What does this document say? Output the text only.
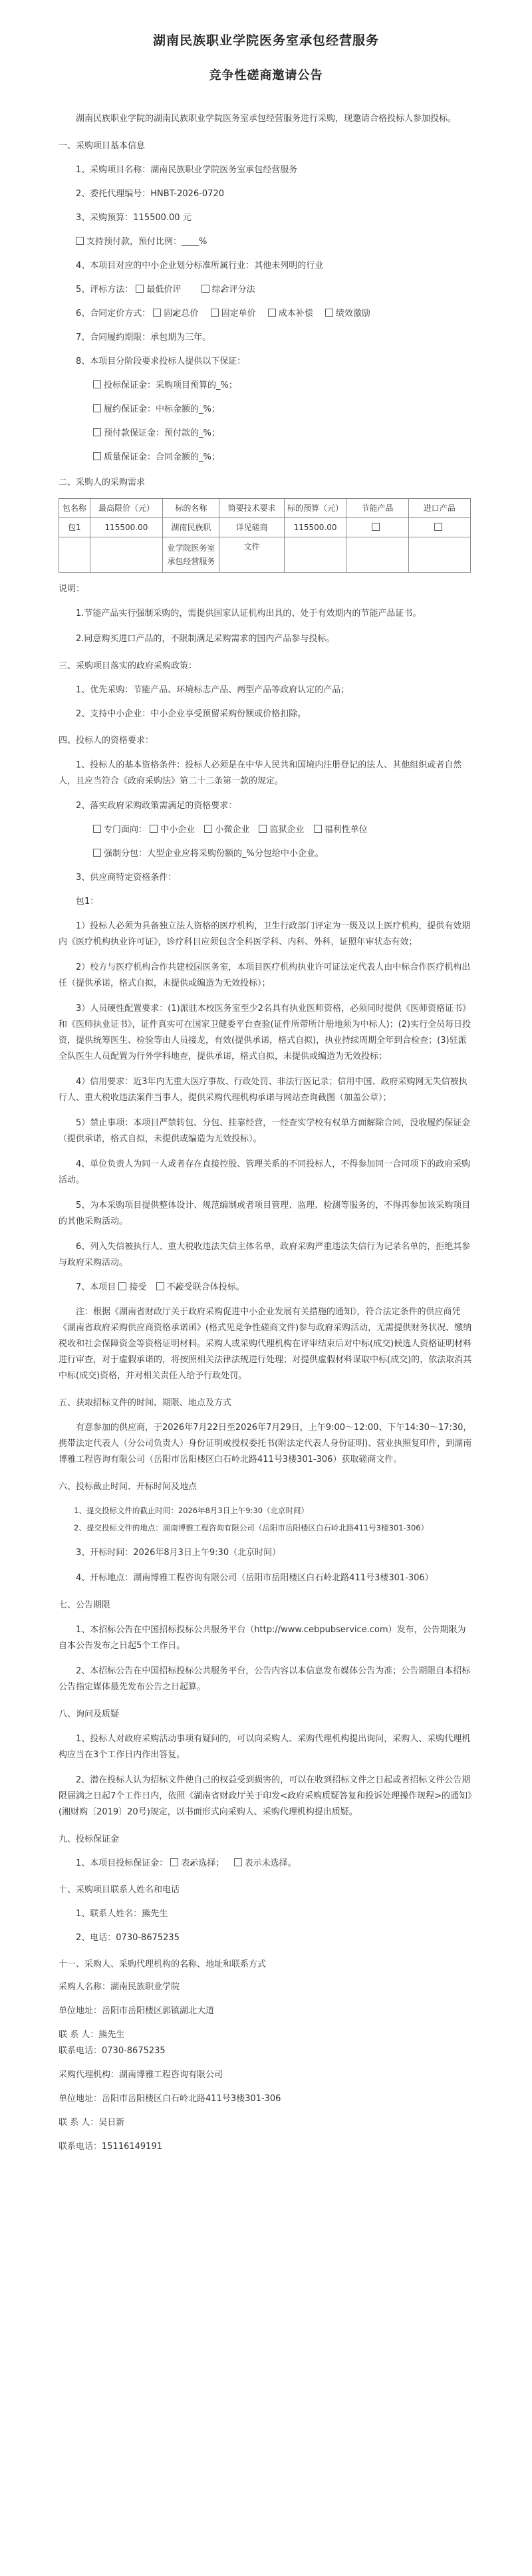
湖南民族职业学院医务室承包经营服务
竞争性磋商邀请公告

湖南民族职业学院的湖南民族职业学院医务室承包经营服务进行采购，现邀请合格投标人参加投标。

一、采购项目基本信息
1、采购项目名称：湖南民族职业学院医务室承包经营服务
2、委托代理编号：HNBT-2026-0720
3、采购预算：115500.00 元
支持预付款，预付比例：____%
4、本项目对应的中小企业划分标准所属行业：其他未列明的行业
5、评标方法： 最低价评 ✓	综合评分法
6、合同定价方式： ✓ 固定总价	固定单价	成本补偿	绩效激励
7、合同履约期限：承包期为三年。
8、本项目分阶段要求投标人提供以下保证：
投标保证金：采购项目预算的_%；
履约保证金：中标金额的_%；
预付款保证金：预付款的_%；
质量保证金：合同金额的_%；
二、采购人的采购需求
包名称	最高限价（元）	标的名称	简要技术要求	标的预算（元）	节能产品	进口产品
包1	115500.00	湖南民族职	详见磋商	115500.00		
		业学院医务室承包经营服务	文件			
说明：

1.节能产品实行强制采购的，需提供国家认证机构出具的、处于有效期内的节能产品证书。

2.同意购买进口产品的，不限制满足采购需求的国内产品参与投标。

三、采购项目落实的政府采购政策：
1、优先采购：节能产品、环境标志产品、两型产品等政府认定的产品；
2、支持中小企业：中小企业享受预留采购份额或价格扣除。
四、投标人的资格要求：

1、投标人的基本资格条件：投标人必须是在中华人民共和国境内注册登记的法人、其他组织或者自然人，且应当符合《政府采购法》第二十二条第一款的规定。

2、落实政府采购政策需满足的资格要求：
专门面向： 中小企业 小微企业 监狱企业 福利性单位
强制分包：大型企业应将采购份额的_%分包给中小企业。
3、供应商特定资格条件：
包1：

1）投标人必须为具备独立法人资格的医疗机构，卫生行政部门评定为一级及以上医疗机构，提供有效期内《医疗机构执业许可证》，诊疗科目应须包含全科医学科、内科、外科，证照年审状态有效；

2）校方与医疗机构合作共建校园医务室，本项目医疗机构执业许可证法定代表人由中标合作医疗机构出任（提供承诺，格式自拟，未提供或编造为无效投标）；

3）人员硬性配置要求：(1)派驻本校医务室至少2名具有执业医师资格，必须同时提供《医师资格证书》和《医师执业证书》，证件真实可在国家卫健委平台查验(证件所带所计册地须为中标人)；(2)实行全员每日投资，提供统筹医生、检验等由人员接龙，有效(提供承诺，格式自拟)，执业持续周期全年到合检查；(3)驻派全队医生人员配置为行外学科地查，提供承诺，格式自拟，未提供或编造为无效投标；

4）信用要求：近3年内无重大医疗事故、行政处罚、非法行医记录；信用中国、政府采购网无失信被执行人、重大税收违法案件当事人，提供采购代理机构承诺与网站查询截图（加盖公章）；

5）禁止事项：本项目严禁转包、分包、挂靠经营，一经查实学校有权单方面解除合同，没收履约保证金（提供承诺，格式自拟，未提供或编造为无效投标）。

4、单位负责人为同一人或者存在直接控股、管理关系的不同投标人，不得参加同一合同项下的政府采购活动。

5、为本采购项目提供整体设计、规范编制或者项目管理、监理、检测等服务的，不得再参加该采购项目的其他采购活动。

6、列入失信被执行人、重大税收违法失信主体名单，政府采购严重违法失信行为记录名单的，拒绝其参与政府采购活动。

7、本项目 接受 ✓ 不接受联合体投标。

注：根据《湖南省财政厅关于政府采购促进中小企业发展有关措施的通知》，符合法定条件的供应商凭《湖南省政府采购供应商资格承诺函》(格式见竞争性磋商文件)参与政府采购活动，无需提供财务状况、缴纳税收和社会保障资金等资格证明材料。采购人或采购代理机构在评审结束后对中标(成交)候选人资格证明材料进行审查，对于虚假承诺的，将按照相关法律法规进行处理；对提供虚假材料谋取中标(成交)的，依法取消其中标(成交)资格，并对相关责任人给予行政处罚。

五、获取招标文件的时间、期限、地点及方式

有意参加的供应商，于2026年7月22日至2026年7月29日，上午9:00～12:00、下午14:30～17:30，携带法定代表人（分公司负责人）身份证明或授权委托书(附法定代表人身份证明)、营业执照复印件，到湖南博雅工程咨询有限公司（岳阳市岳阳楼区白石岭北路411号3楼301-306）获取磋商文件。

六、投标截止时间、开标时间及地点

1、提交投标文件的截止时间：2026年8月3日上午9:30（北京时间）

2、提交投标文件的地点：湖南博雅工程咨询有限公司（岳阳市岳阳楼区白石岭北路411号3楼301-306）

3、开标时间：2026年8月3日上午9:30（北京时间）

4、开标地点：湖南博雅工程咨询有限公司（岳阳市岳阳楼区白石岭北路411号3楼301-306）

七、公告期限

1、本招标公告在中国招标投标公共服务平台（http://www.cebpubservice.com）发布，公告期限为自本公告发布之日起5个工作日。

2、本招标公告在中国招标投标公共服务平台，公告内容以本信息发布媒体公告为准；公告期限自本招标公告指定媒体最先发布公告之日起算。

八、询问及质疑

1、投标人对政府采购活动事项有疑问的，可以向采购人、采购代理机构提出询问，采购人、采购代理机构应当在3个工作日内作出答复。

2、潜在投标人认为招标文件使自己的权益受到损害的，可以在收到招标文件之日起或者招标文件公告期限届满之日起7个工作日内，依照《湖南省财政厅关于印发<政府采购质疑答复和投诉处理操作规程>的通知》(湘财购〔2019〕20号)规定，以书面形式向采购人、采购代理机构提出质疑。

九、投标保证金
1、本项目投标保证金： ✓ 表示选择； 表示未选择。
十、采购项目联系人姓名和电话
1、联系人姓名：熊先生
2、电话：0730-8675235
十一、采购人、采购代理机构的名称、地址和联系方式
采购人名称：湖南民族职业学院
单位地址：岳阳市岳阳楼区郭镇湖北大道
联 系 人：熊先生
联系电话：0730-8675235
采购代理机构：湖南博雅工程咨询有限公司
单位地址：岳阳市岳阳楼区白石岭北路411号3楼301-306
联 系 人：吴日新
联系电话：15116149191
